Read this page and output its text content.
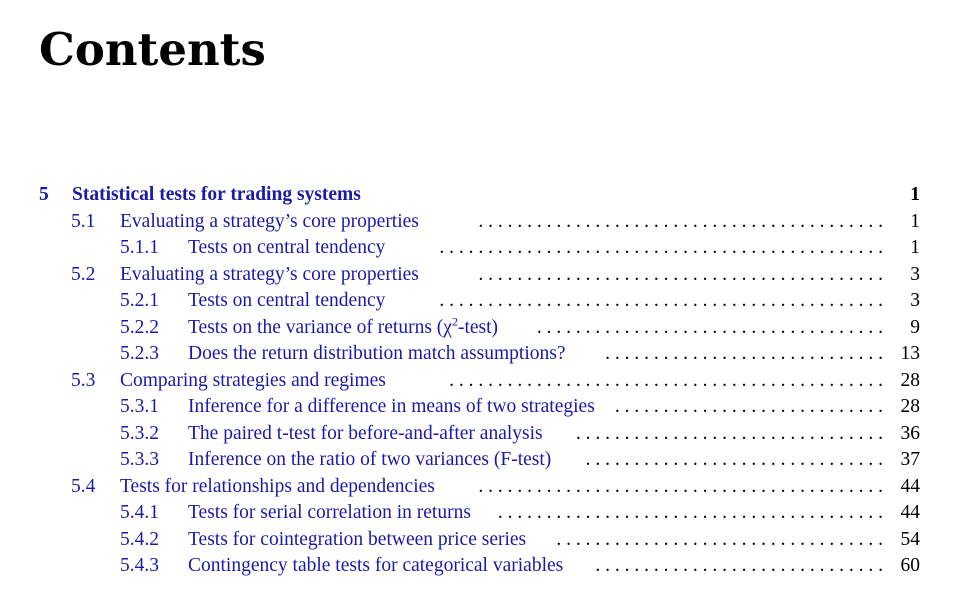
Contents
5 Statistical tests for trading systems	1
5.1 Evaluating a strategy’s core properties	. . . . . . . . . . . . . . . . . . . . . . . . . . . . . . . . . . . . . . . . . .	1
5.1.1 Tests on central tendency	. . . . . . . . . . . . . . . . . . . . . . . . . . . . . . . . . . . . . . . . . . . . . .	1
5.2 Evaluating a strategy’s core properties	. . . . . . . . . . . . . . . . . . . . . . . . . . . . . . . . . . . . . . . . . .	3
5.2.1 Tests on central tendency	. . . . . . . . . . . . . . . . . . . . . . . . . . . . . . . . . . . . . . . . . . . . . .	3
5.2.2 Tests on the variance of returns $(\chi^2-test)$ . . . . . . . . . . . . . . . . . . . . . . . . . . . . . . . . . . . .	9
5.2.3 Does the return distribution match assumptions? . . . . . . . . . . . . . . . . . . . . . . . . . . . . . 13
5.3 Comparing strategies and regimes	. . . . . . . . . . . . . . . . . . . . . . . . . . . . . . . . . . . . . . . . . . . . . 28
5.3.1 Inference for a difference in means of two strategies . . . . . . . . . . . . . . . . . . . . . . . . . . . . 28
5.3.2 The paired t-test for before-and-after analysis . . . . . . . . . . . . . . . . . . . . . . . . . . . . . . . . 36
5.3.3 Inference on the ratio of two variances (F-test) . . . . . . . . . . . . . . . . . . . . . . . . . . . . . . . 37
5.4 Tests for relationships and dependencies . . . . . . . . . . . . . . . . . . . . . . . . . . . . . . . . . . . . . . . . . . 44
5.4.1 Tests for serial correlation in returns . . . . . . . . . . . . . . . . . . . . . . . . . . . . . . . . . . . . . . . . 44
5.4.2 Tests for cointegration between price series . . . . . . . . . . . . . . . . . . . . . . . . . . . . . . . . . . 54
5.4.3 Contingency table tests for categorical variables . . . . . . . . . . . . . . . . . . . . . . . . . . . . . . 60
